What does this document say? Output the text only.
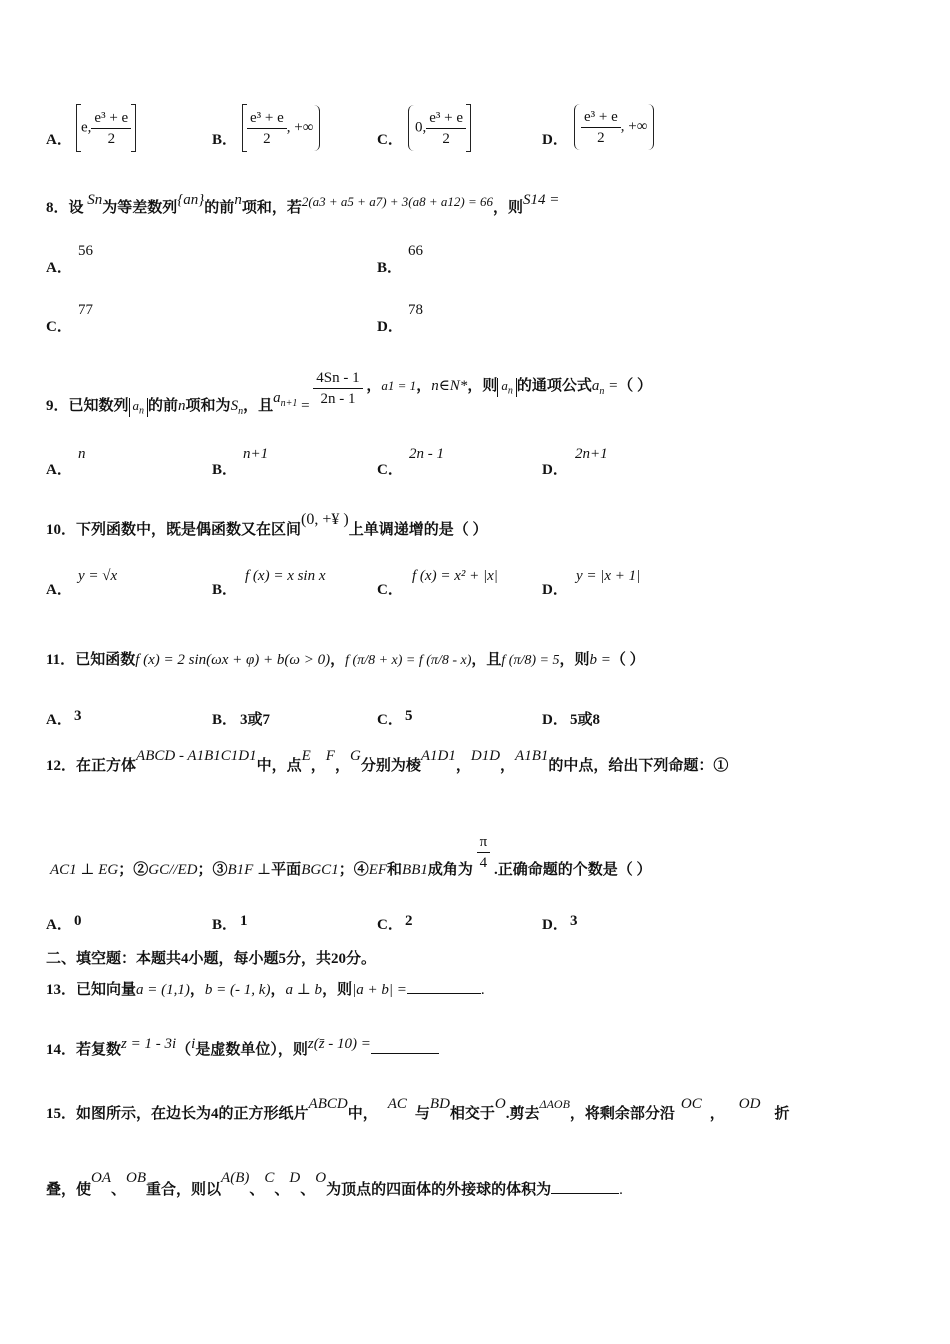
A．
e, $\frac{\text{e³ + e}}{2}$	B． $\frac{\text{e³ + e}}{2}$ , +∞
C．
0, $\frac{\text{e³ + e}}{2}$	D． $\frac{\text{e³ + e}}{2}$ , +∞
8．设 Sn为等差数列{an}的前n项和，若2(a3 + a5 + a7) + 3(a8 + a12) = 66，则S14 =
A．
56
B．
66
C．
77
D．
78
9．已知数列 $a_n$ 的前n项和为$S_n$，且$a_{n+1} = \frac{4Sn - 1}{2n - 1}$ ，a1 = 1，n∈N*，则 $a_n$ 的通项公式$a_n$ =（ ）
A．
n
B．
n+1
C．
2n - 1
D．
2n+1
10．下列函数中，既是偶函数又在区间(0, +¥ )上单调递增的是（ ）
A．
y = √x
B．
f (x) = x sin x
C．
f (x) = x² + |x|
D．
y = |x + 1|
11．已知函数f (x) = 2 sin(ωx + φ) + b(ω > 0)，f (π/8 + x) = f (π/8 - x)，且f (π/8) = 5，则b =（ ）
A． 3	B． 3或7	C． 5	D． 5或8
12．在正方体ABCD - A1B1C1D1中，点E，F，G分别为棱A1D1，D1D，A1B1的中点，给出下列命题：①
AC1 ⊥ EG；②GC//ED；③B1F ⊥平面BGC1；④EF和BB1成角为 $\frac{\pi}{4}$ .正确命题的个数是（ ）
A． 0	B． 1	C． 2	D． 3
二、填空题：本题共4小题，每小题5分，共20分。
13．已知向量a = (1,1)，b = (- 1, k)，a ⊥ b，则|a + b| =	.
14．若复数z = 1 - 3i（i是虚数单位），则z(z̄ - 10) =
15．如图所示，在边长为4的正方形纸片ABCD中，AC与BD相交于O.剪去ΔAOB，将剩余部分沿OC，OD折
叠，使OA、OB重合，则以A(B)、C、D、O为顶点的四面体的外接球的体积为	.
